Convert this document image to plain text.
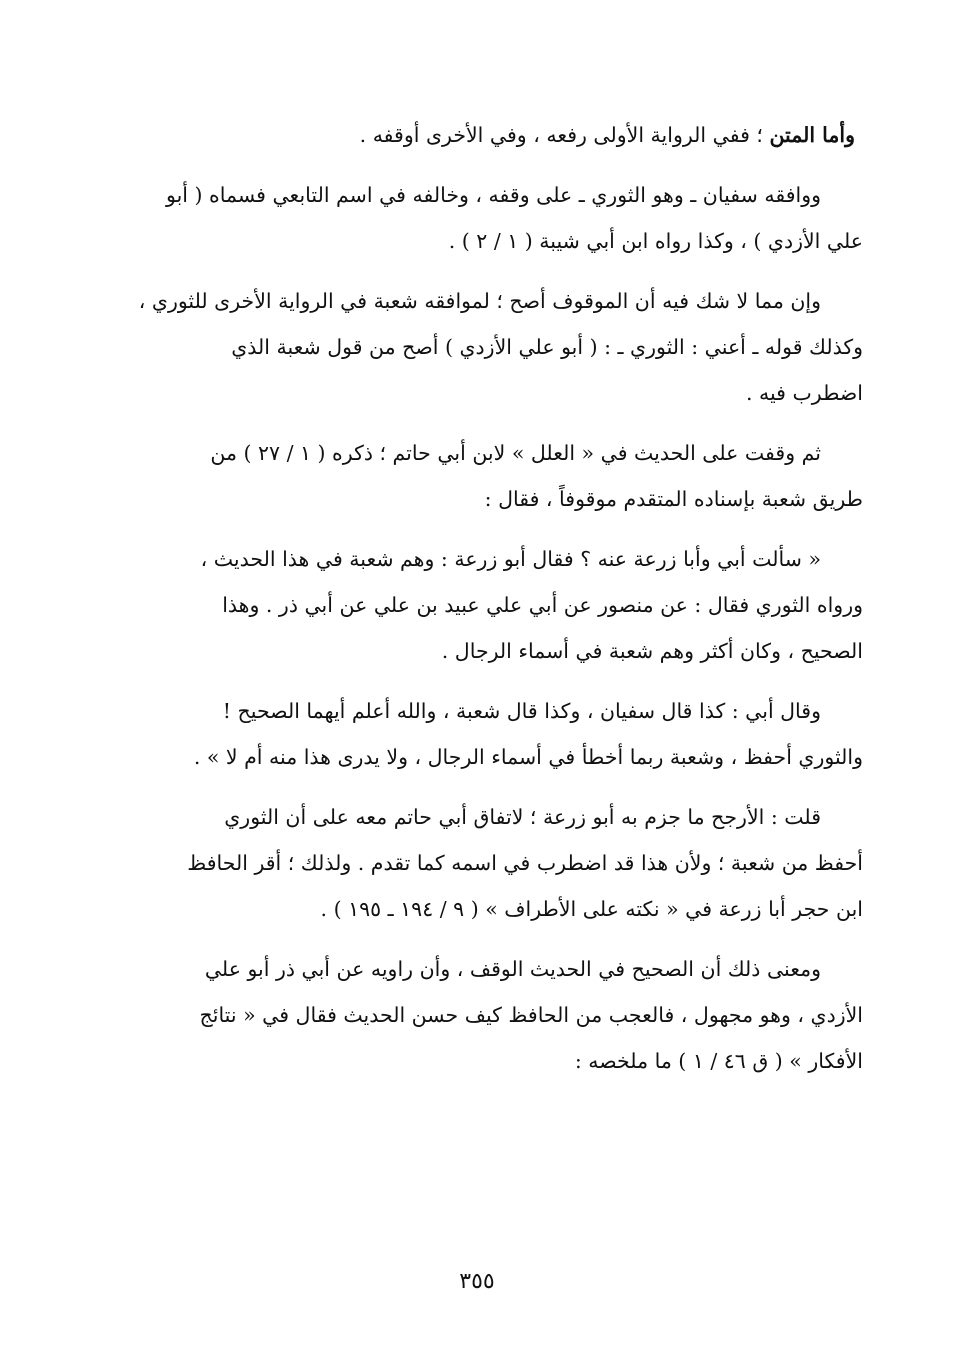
وأما المتن ؛ ففي الرواية الأولى رفعه ، وفي الأخرى أوقفه .
ووافقه سفيان ـ وهو الثوري ـ على وقفه ، وخالفه في اسم التابعي فسماه ( أبو
علي الأزدي ) ، وكذا رواه ابن أبي شيبة ( ١ / ٢ ) .
وإن مما لا شك فيه أن الموقوف أصح ؛ لموافقه شعبة في الرواية الأخرى للثوري ،
وكذلك قوله ـ أعني : الثوري ـ : ( أبو علي الأزدي ) أصح من قول شعبة الذي
اضطرب فيه .
ثم وقفت على الحديث في « العلل » لابن أبي حاتم ؛ ذكره ( ١ / ٢٧ ) من
طريق شعبة بإسناده المتقدم موقوفاً ، فقال :
« سألت أبي وأبا زرعة عنه ؟ فقال أبو زرعة : وهم شعبة في هذا الحديث ،
ورواه الثوري فقال : عن منصور عن أبي علي عبيد بن علي عن أبي ذر . وهذا
الصحيح ، وكان أكثر وهم شعبة في أسماء الرجال .
وقال أبي : كذا قال سفيان ، وكذا قال شعبة ، والله أعلم أيهما الصحيح !
والثوري أحفظ ، وشعبة ربما أخطأ في أسماء الرجال ، ولا يدرى هذا منه أم لا » .
قلت : الأرجح ما جزم به أبو زرعة ؛ لاتفاق أبي حاتم معه على أن الثوري
أحفظ من شعبة ؛ ولأن هذا قد اضطرب في اسمه كما تقدم . ولذلك ؛ أقر الحافظ
ابن حجر أبا زرعة في « نكته على الأطراف » ( ٩ / ١٩٤ ـ ١٩٥ ) .
ومعنى ذلك أن الصحيح في الحديث الوقف ، وأن راويه عن أبي ذر أبو علي
الأزدي ، وهو مجهول ، فالعجب من الحافظ كيف حسن الحديث فقال في « نتائج
الأفكار » ( ق ٤٦ / ١ ) ما ملخصه :
٣٥٥
